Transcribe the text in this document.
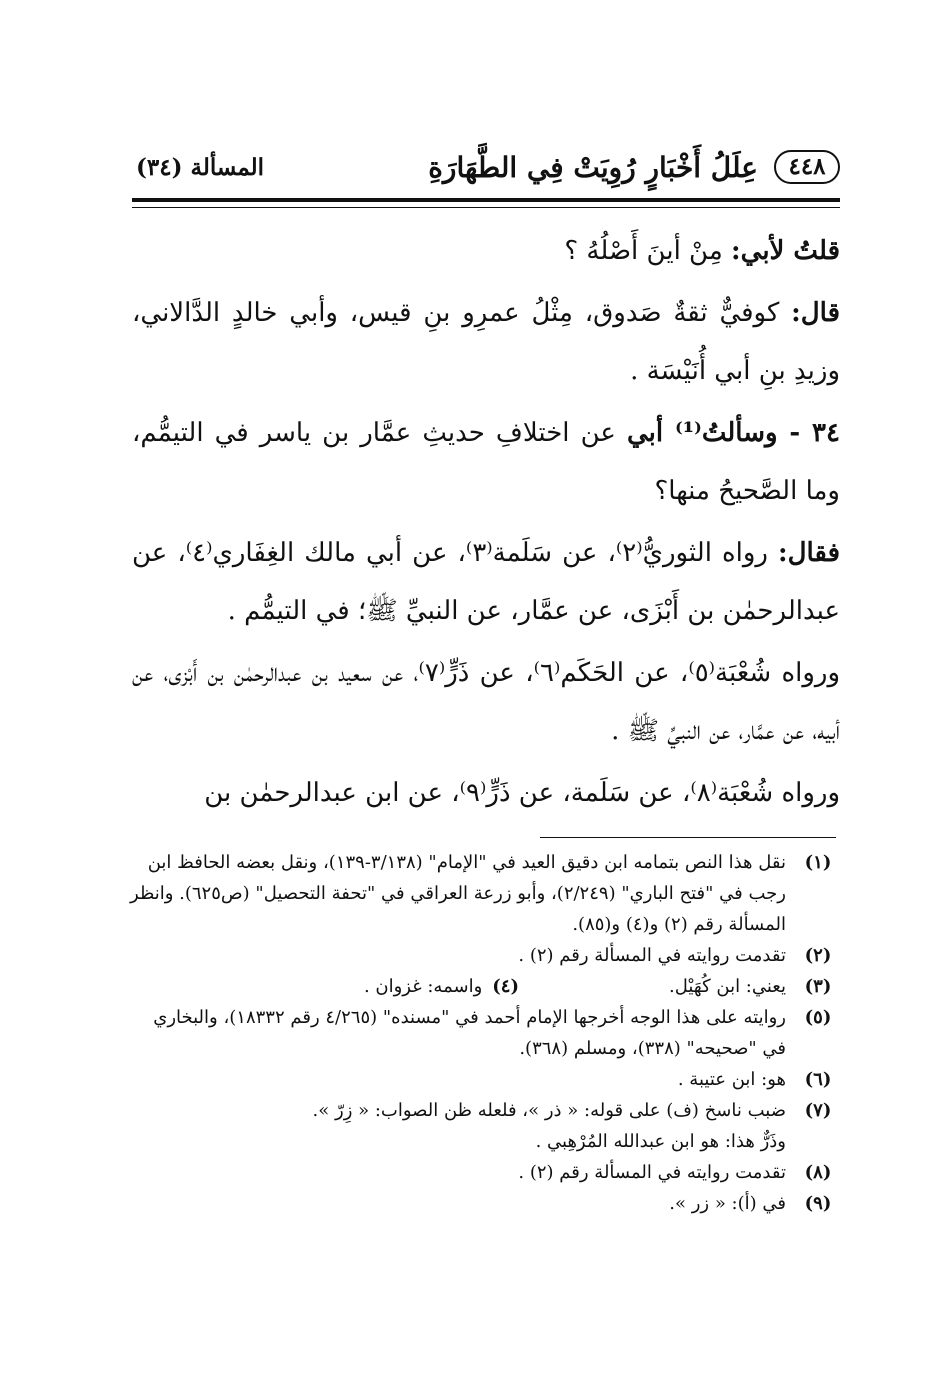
٤٤٨
عِلَلُ أَخْبَارٍ رُوِيَتْ فِي الطَّهَارَةِ
المسألة (٣٤)

قلتُ لأبي: مِنْ أينَ أَصْلُهُ ؟

قال: كوفيٌّ ثقةٌ صَدوق، مِثْلُ عمرِو بنِ قيس، وأبي خالدٍ الدَّالاني، وزيدِ بنِ أبي أُنَيْسَة .

٣٤ - وسألتُ⁽¹⁾ أبي عن اختلافِ حديثِ عمَّار بن ياسر في التيمُّم، وما الصَّحيحُ منها؟

فقال: رواه الثوريُّ⁽٢⁾، عن سَلَمة⁽٣⁾، عن أبي مالك الغِفَاري⁽٤⁾، عن عبدالرحمٰن بن أَبْزَى، عن عمَّار، عن النبيِّ ﷺ؛ في التيمُّم .

ورواه شُعْبَة⁽٥⁾، عن الحَكَم⁽٦⁾، عن ذَرٍّ⁽٧⁾، عن سعيد بن عبدالرحمٰن بن أَبْزى، عن أبيه، عن عمَّار، عن النبيِّ ﷺ .

ورواه شُعْبَة⁽٨⁾، عن سَلَمة، عن ذَرٍّ⁽٩⁾، عن ابن عبدالرحمٰن بن

(١)
نقل هذا النص بتمامه ابن دقيق العيد في "الإمام" (٣/١٣٨-١٣٩)، ونقل بعضه الحافظ ابن رجب في "فتح الباري" (٢/٢٤٩)، وأبو زرعة العراقي في "تحفة التحصيل" (ص٦٢٥). وانظر المسألة رقم (٢) و(٤) و(٨٥).
(٢)
تقدمت روايته في المسألة رقم (٢) .
(٣)
يعني: ابن كُهَيْل.(٤)واسمه: غزوان .
(٥)
روايته على هذا الوجه أخرجها الإمام أحمد في "مسنده" (٤/٢٦٥ رقم ١٨٣٣٢)، والبخاري في "صحيحه" (٣٣٨)، ومسلم (٣٦٨).
(٦)
هو: ابن عتيبة .
(٧)
ضبب ناسخ (ف) على قوله: « ذر »، فلعله ظن الصواب: « زِرّ ».
وذَرٌّ هذا: هو ابن عبدالله المُرْهِبي .
(٨)
تقدمت روايته في المسألة رقم (٢) .
(٩)
في (أ): « زر ».
